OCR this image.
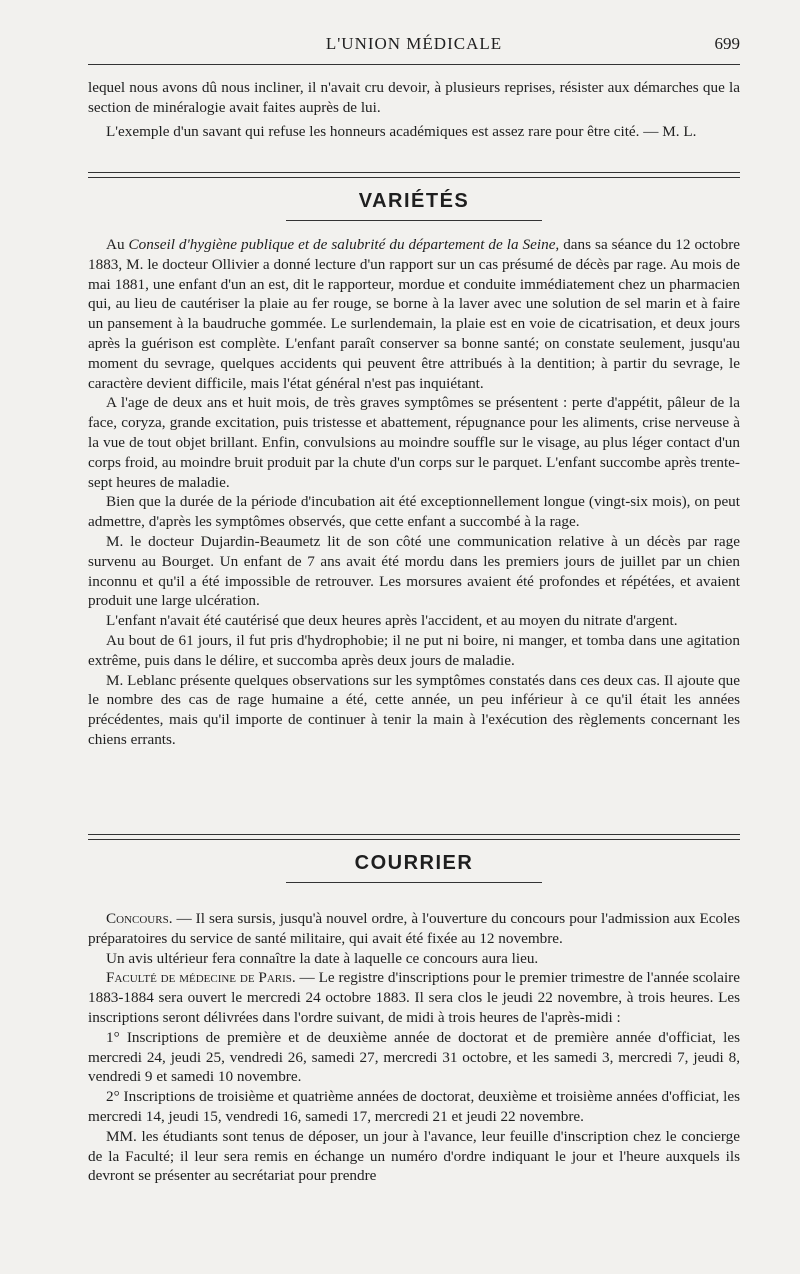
L'UNION MÉDICALE	699

lequel nous avons dû nous incliner, il n'avait cru devoir, à plusieurs reprises, résister aux démarches que la section de minéralogie avait faites auprès de lui.

L'exemple d'un savant qui refuse les honneurs académiques est assez rare pour être cité. — M. L.

VARIÉTÉS

Au Conseil d'hygiène publique et de salubrité du département de la Seine, dans sa séance du 12 octobre 1883, M. le docteur Ollivier a donné lecture d'un rapport sur un cas présumé de décès par rage. Au mois de mai 1881, une enfant d'un an est, dit le rapporteur, mordue et conduite immédiatement chez un pharmacien qui, au lieu de cautériser la plaie au fer rouge, se borne à la laver avec une solution de sel marin et à faire un pansement à la baudruche gommée. Le surlendemain, la plaie est en voie de cicatrisation, et deux jours après la guérison est complète. L'enfant paraît conserver sa bonne santé; on constate seulement, jusqu'au moment du sevrage, quelques accidents qui peuvent être attribués à la dentition; à partir du sevrage, le caractère devient difficile, mais l'état général n'est pas inquiétant.

A l'age de deux ans et huit mois, de très graves symptômes se présentent : perte d'appétit, pâleur de la face, coryza, grande excitation, puis tristesse et abattement, répugnance pour les aliments, crise nerveuse à la vue de tout objet brillant. Enfin, convulsions au moindre souffle sur le visage, au plus léger contact d'un corps froid, au moindre bruit produit par la chute d'un corps sur le parquet. L'enfant succombe après trente-sept heures de maladie.

Bien que la durée de la période d'incubation ait été exceptionnellement longue (vingt-six mois), on peut admettre, d'après les symptômes observés, que cette enfant a succombé à la rage.

M. le docteur Dujardin-Beaumetz lit de son côté une communication relative à un décès par rage survenu au Bourget. Un enfant de 7 ans avait été mordu dans les premiers jours de juillet par un chien inconnu et qu'il a été impossible de retrouver. Les morsures avaient été profondes et répétées, et avaient produit une large ulcération.

L'enfant n'avait été cautérisé que deux heures après l'accident, et au moyen du nitrate d'argent.

Au bout de 61 jours, il fut pris d'hydrophobie; il ne put ni boire, ni manger, et tomba dans une agitation extrême, puis dans le délire, et succomba après deux jours de maladie.

M. Leblanc présente quelques observations sur les symptômes constatés dans ces deux cas. Il ajoute que le nombre des cas de rage humaine a été, cette année, un peu inférieur à ce qu'il était les années précédentes, mais qu'il importe de continuer à tenir la main à l'exécution des règlements concernant les chiens errants.

COURRIER

Concours. — Il sera sursis, jusqu'à nouvel ordre, à l'ouverture du concours pour l'admission aux Ecoles préparatoires du service de santé militaire, qui avait été fixée au 12 novembre.

Un avis ultérieur fera connaître la date à laquelle ce concours aura lieu.

Faculté de médecine de Paris. — Le registre d'inscriptions pour le premier trimestre de l'année scolaire 1883-1884 sera ouvert le mercredi 24 octobre 1883. Il sera clos le jeudi 22 novembre, à trois heures. Les inscriptions seront délivrées dans l'ordre suivant, de midi à trois heures de l'après-midi :

1° Inscriptions de première et de deuxième année de doctorat et de première année d'officiat, les mercredi 24, jeudi 25, vendredi 26, samedi 27, mercredi 31 octobre, et les samedi 3, mercredi 7, jeudi 8, vendredi 9 et samedi 10 novembre.

2° Inscriptions de troisième et quatrième années de doctorat, deuxième et troisième années d'officiat, les mercredi 14, jeudi 15, vendredi 16, samedi 17, mercredi 21 et jeudi 22 novembre.

MM. les étudiants sont tenus de déposer, un jour à l'avance, leur feuille d'inscription chez le concierge de la Faculté; il leur sera remis en échange un numéro d'ordre indiquant le jour et l'heure auxquels ils devront se présenter au secrétariat pour prendre
